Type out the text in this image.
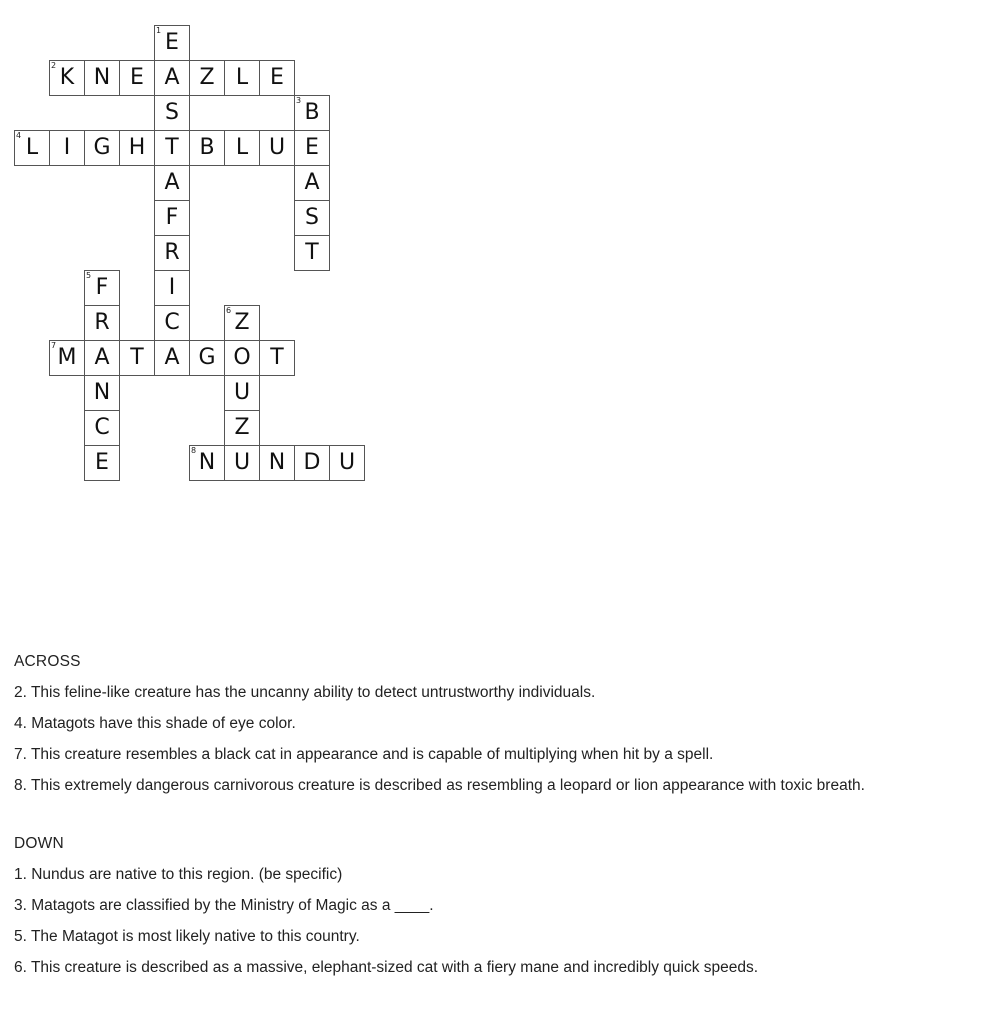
1 E
A
S
T
A
F
R
I
C
A
2 K N E	Z L E
3 B
E
A
S
T
4 L	I	G H	B L U
5 F
R
A
N
C
E
6 Z
O
U
Z
7 M	T	G	T
8 N U N D U
ACROSS
2. This feline-like creature has the uncanny ability to detect untrustworthy individuals.
4. Matagots have this shade of eye color.
7. This creature resembles a black cat in appearance and is capable of multiplying when hit by a spell.
8. This extremely dangerous carnivorous creature is described as resembling a leopard or lion appearance with toxic breath.
DOWN
1. Nundus are native to this region. (be specific)
3. Matagots are classified by the Ministry of Magic as a ____.
5. The Matagot is most likely native to this country.
6. This creature is described as a massive, elephant-sized cat with a fiery mane and incredibly quick speeds.
